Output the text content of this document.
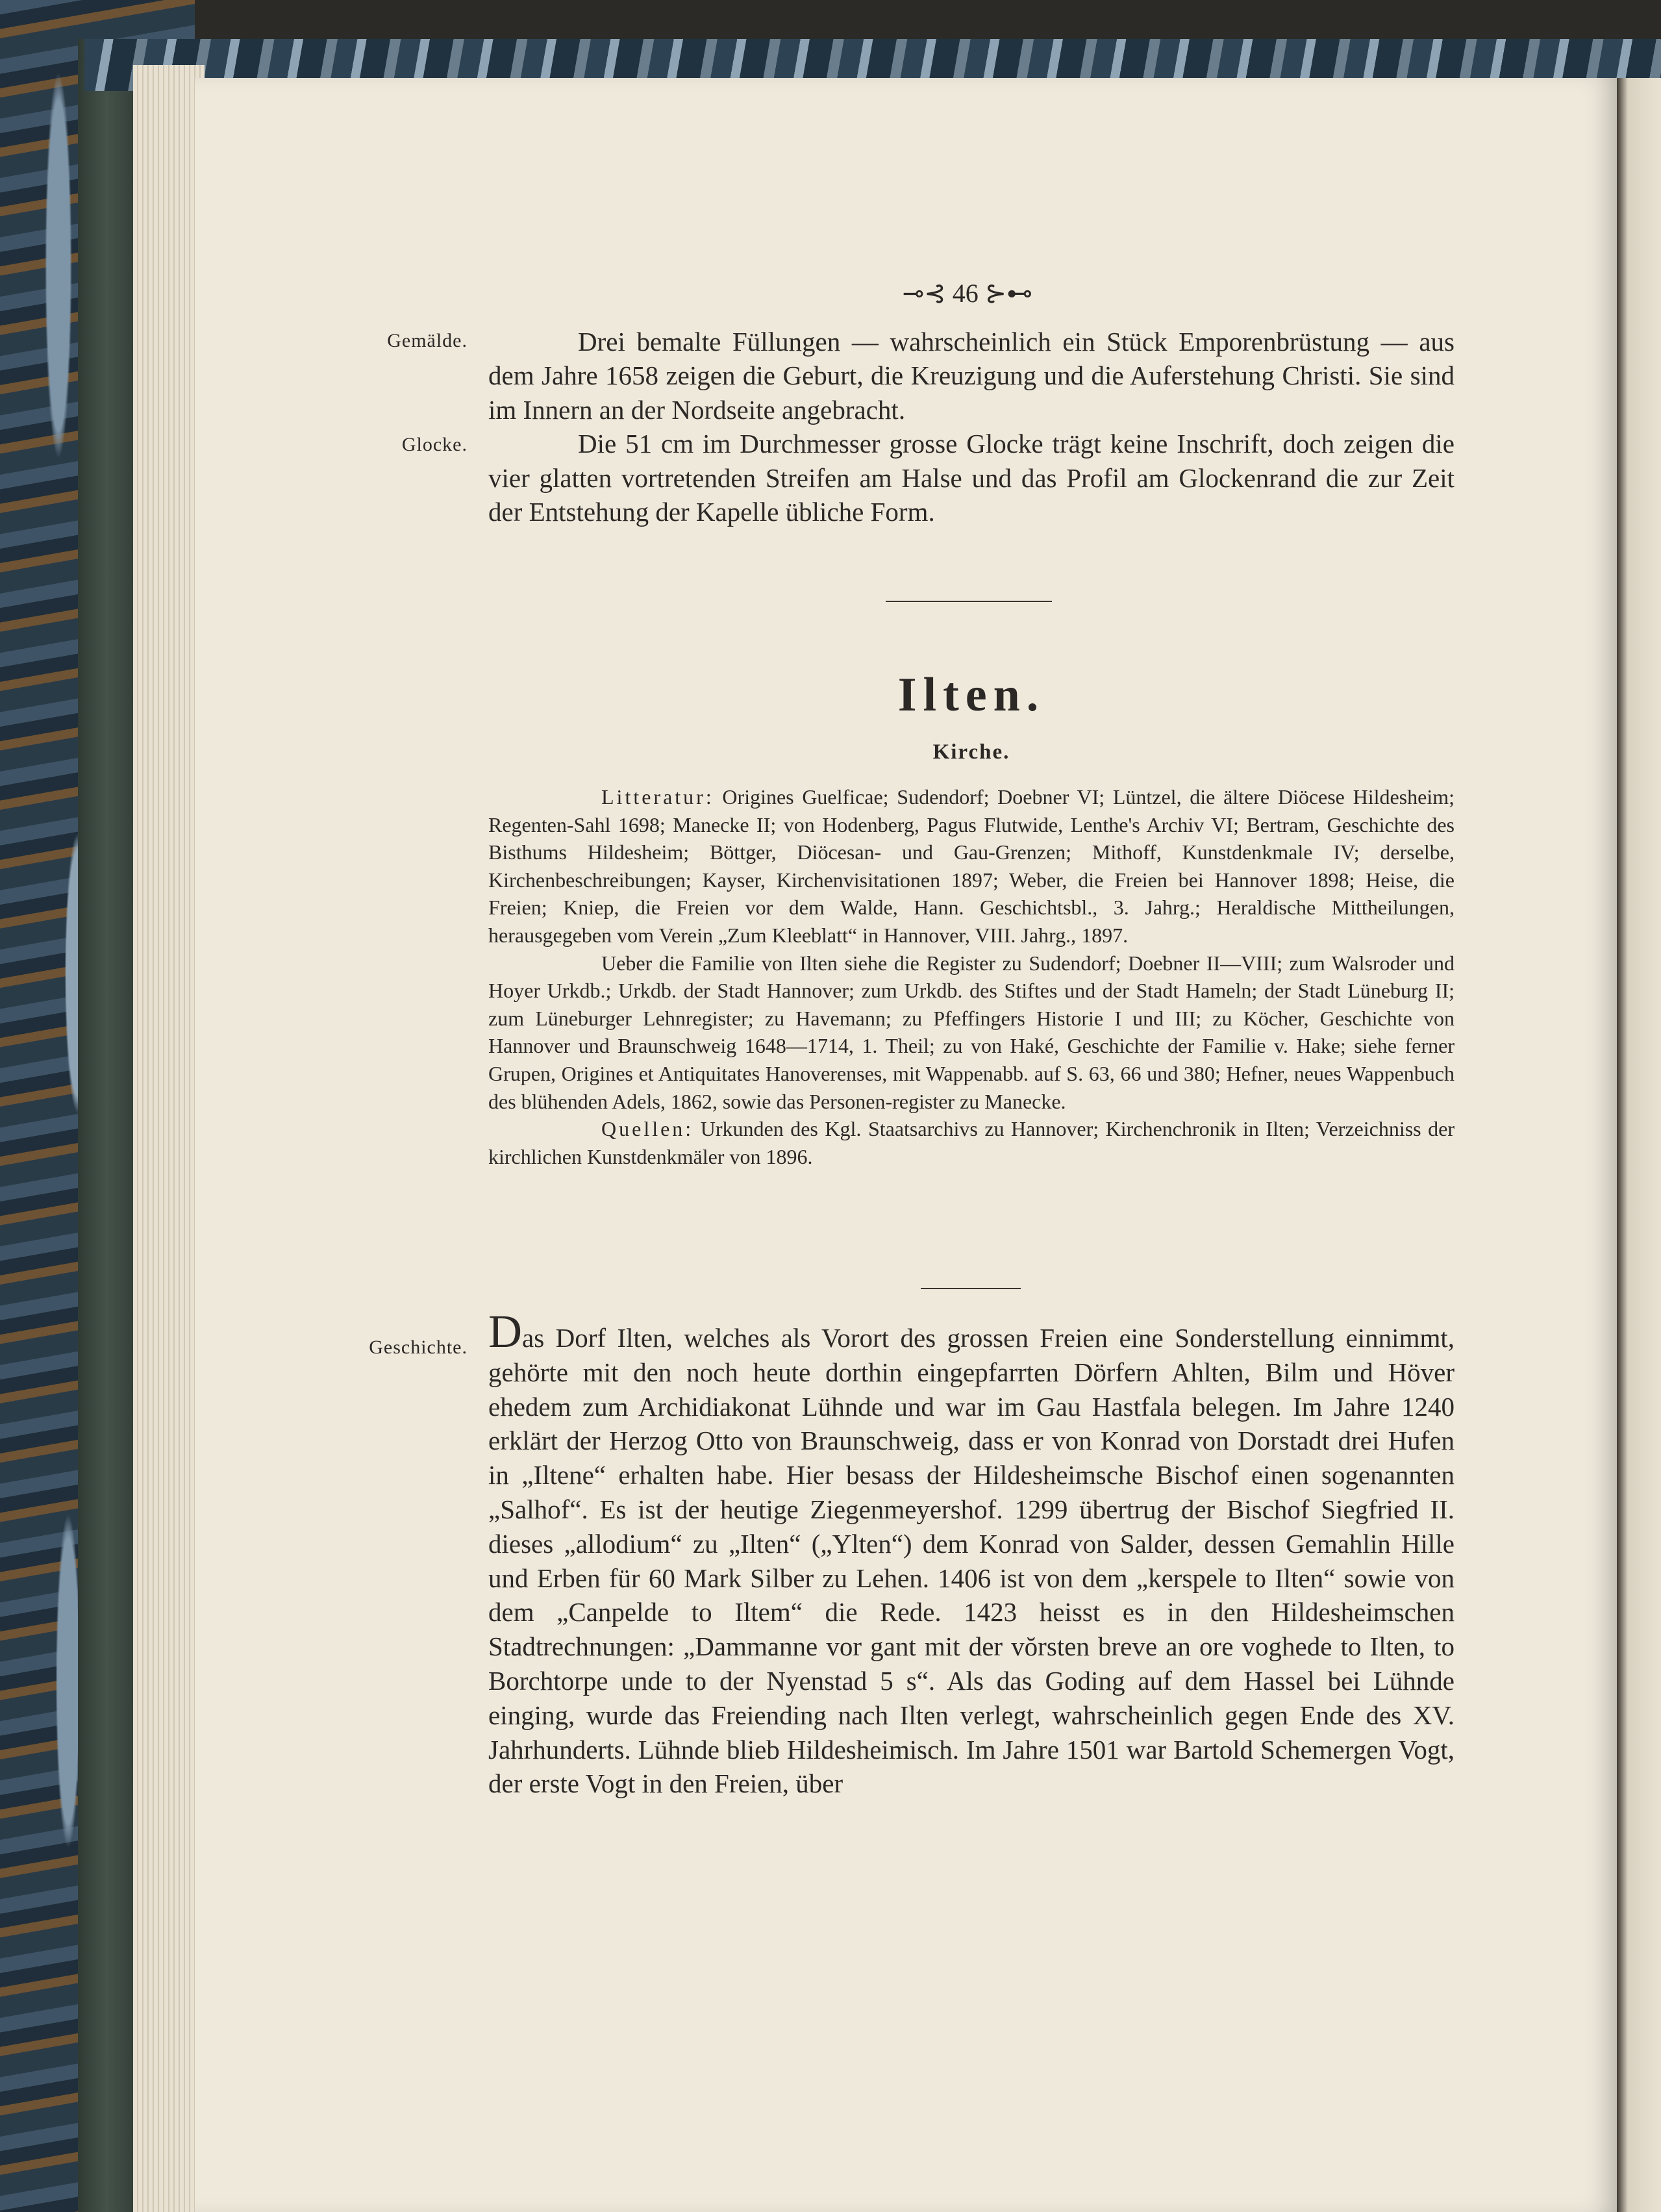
⊸⊰ 46 ⊱⊷
Gemälde.
Glocke.

Drei bemalte Füllungen — wahrscheinlich ein Stück Emporenbrüstung — aus dem Jahre 1658 zeigen die Geburt, die Kreuzigung und die Auferstehung Christi. Sie sind im Innern an der Nordseite angebracht.

Die 51 cm im Durchmesser grosse Glocke trägt keine Inschrift, doch zeigen die vier glatten vortretenden Streifen am Halse und das Profil am Glockenrand die zur Zeit der Entstehung der Kapelle übliche Form.

Ilten.
Kirche.

Litteratur: Origines Guelficae; Sudendorf; Doebner VI; Lüntzel, die ältere Diöcese Hildesheim; Regenten-Sahl 1698; Manecke II; von Hodenberg, Pagus Flutwide, Lenthe's Archiv VI; Bertram, Geschichte des Bisthums Hildesheim; Böttger, Diöcesan- und Gau-Grenzen; Mithoff, Kunstdenkmale IV; derselbe, Kirchenbeschreibungen; Kayser, Kirchenvisitationen 1897; Weber, die Freien bei Hannover 1898; Heise, die Freien; Kniep, die Freien vor dem Walde, Hann. Geschichtsbl., 3. Jahrg.; Heraldische Mittheilungen, herausgegeben vom Verein „Zum Kleeblatt“ in Hannover, VIII. Jahrg., 1897.

Ueber die Familie von Ilten siehe die Register zu Sudendorf; Doebner II—VIII; zum Walsroder und Hoyer Urkdb.; Urkdb. der Stadt Hannover; zum Urkdb. des Stiftes und der Stadt Hameln; der Stadt Lüneburg II; zum Lüneburger Lehnregister; zu Havemann; zu Pfeffingers Historie I und III; zu Köcher, Geschichte von Hannover und Braunschweig 1648—1714, 1. Theil; zu von Haké, Geschichte der Familie v. Hake; siehe ferner Grupen, Origines et Antiquitates Hanoverenses, mit Wappenabb. auf S. 63, 66 und 380; Hefner, neues Wappenbuch des blühenden Adels, 1862, sowie das Personen-register zu Manecke.

Quellen: Urkunden des Kgl. Staatsarchivs zu Hannover; Kirchenchronik in Ilten; Verzeichniss der kirchlichen Kunstdenkmäler von 1896.

Geschichte. Das Dorf Ilten, welches als Vorort des grossen Freien eine Sonderstellung einnimmt, gehörte mit den noch heute dorthin eingepfarrten Dörfern Ahlten, Bilm und Höver ehedem zum Archidiakonat Lühnde und war im Gau Hastfala belegen. Im Jahre 1240 erklärt der Herzog Otto von Braunschweig, dass er von Konrad von Dorstadt drei Hufen in „Iltene“ erhalten habe. Hier besass der Hildesheimsche Bischof einen sogenannten „Salhof“. Es ist der heutige Ziegenmeyershof. 1299 übertrug der Bischof Siegfried II. dieses „allodium“ zu „Ilten“ („Ylten“) dem Konrad von Salder, dessen Gemahlin Hille und Erben für 60 Mark Silber zu Lehen. 1406 ist von dem „kerspele to Ilten“ sowie von dem „Canpelde to Iltem“ die Rede. 1423 heisst es in den Hildesheimschen Stadtrechnungen: „Dammanne vor gant mit der vŏrsten breve an ore voghede to Ilten, to Borchtorpe unde to der Nyenstad 5 s“. Als das Goding auf dem Hassel bei Lühnde einging, wurde das Freiending nach Ilten verlegt, wahrscheinlich gegen Ende des XV. Jahrhunderts. Lühnde blieb Hildesheimisch. Im Jahre 1501 war Bartold Schemergen Vogt, der erste Vogt in den Freien, über
